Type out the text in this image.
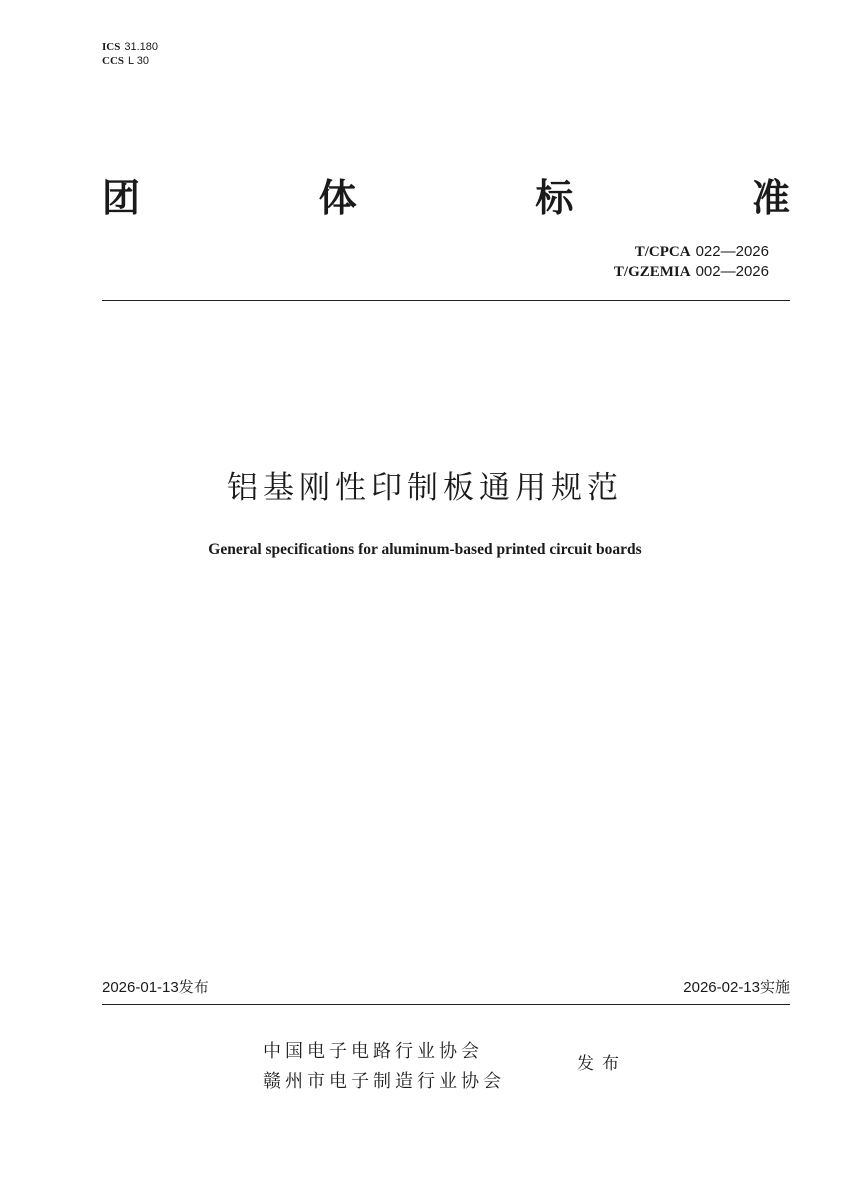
ICS 31.180
CCS L 30
团	体	标	准
T/CPCA 022—2026
T/GZEMIA 002—2026
铝基刚性印制板通用规范
General specifications for aluminum-based printed circuit boards
2026-01-13发布	2026-02-13实施
中国电子电路行业协会
赣州市电子制造行业协会
发布
